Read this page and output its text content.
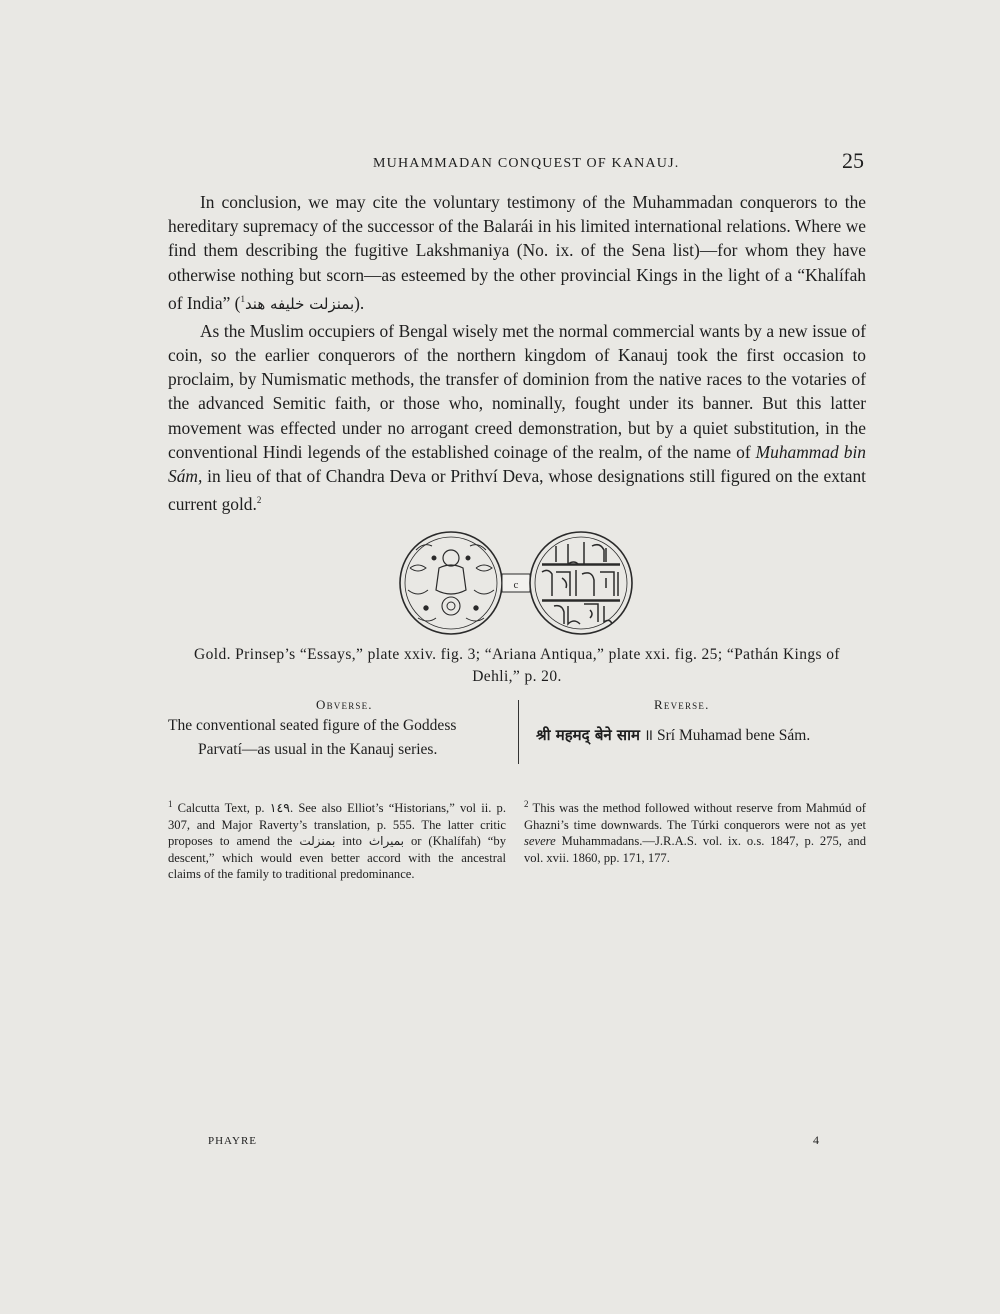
MUHAMMADAN CONQUEST OF KANAUJ.	25

In conclusion, we may cite the voluntary testimony of the Muhammadan conquerors to the hereditary supremacy of the successor of the Balarái in his limited international relations. Where we find them describing the fugitive Lakshmaniya (No. ix. of the Sena list)—for whom they have otherwise nothing but scorn—as esteemed by the other provincial Kings in the light of a “Khalífah of India” ( بمنزلت خليفه هند$^1$	).

As the Muslim occupiers of Bengal wisely met the normal commercial wants by a new issue of coin, so the earlier conquerors of the northern kingdom of Kanauj took the first occasion to proclaim, by Numismatic methods, the transfer of dominion from the native races to the votaries of the advanced Semitic faith, or those who, nominally, fought under its banner. But this latter movement was effected under no arrogant creed demonstration, but by a quiet substitution, in the conventional Hindi legends of the established coinage of the realm, of the name of Muhammad bin Sám, in lieu of that of Chandra Deva or Prithví Deva, whose designations still figured on the extant current gold.$^2$

c
Gold. Prinsep’s “Essays,” plate xxiv. fig. 3; “Ariana Antiqua,” plate xxi. fig. 25; “Pathán Kings of Dehli,” p. 20.
Obverse.	Reverse.
The conventional seated figure of the Goddess
Parvatí—as usual in the Kanauj series.
श्री महमद् बेने साम ॥ Srí Muhamad bene Sám.
$^1$ Calcutta Text, p. ١٤٩. See also Elliot’s “Historians,” vol ii. p. 307, and Major Raverty’s translation, p. 555. The latter critic proposes to amend the بمنزلت into بميراث or (Khalífah) “by descent,” which would even better accord with the ancestral claims of the family to traditional predominance.
$^2$ This was the method followed without reserve from Mahmúd of Ghazni’s time downwards. The Túrki conquerors were not as yet severe Muhammadans.—J.R.A.S. vol. ix. o.s. 1847, p. 275, and vol. xvii. 1860, pp. 171, 177.
PHAYRE	4
